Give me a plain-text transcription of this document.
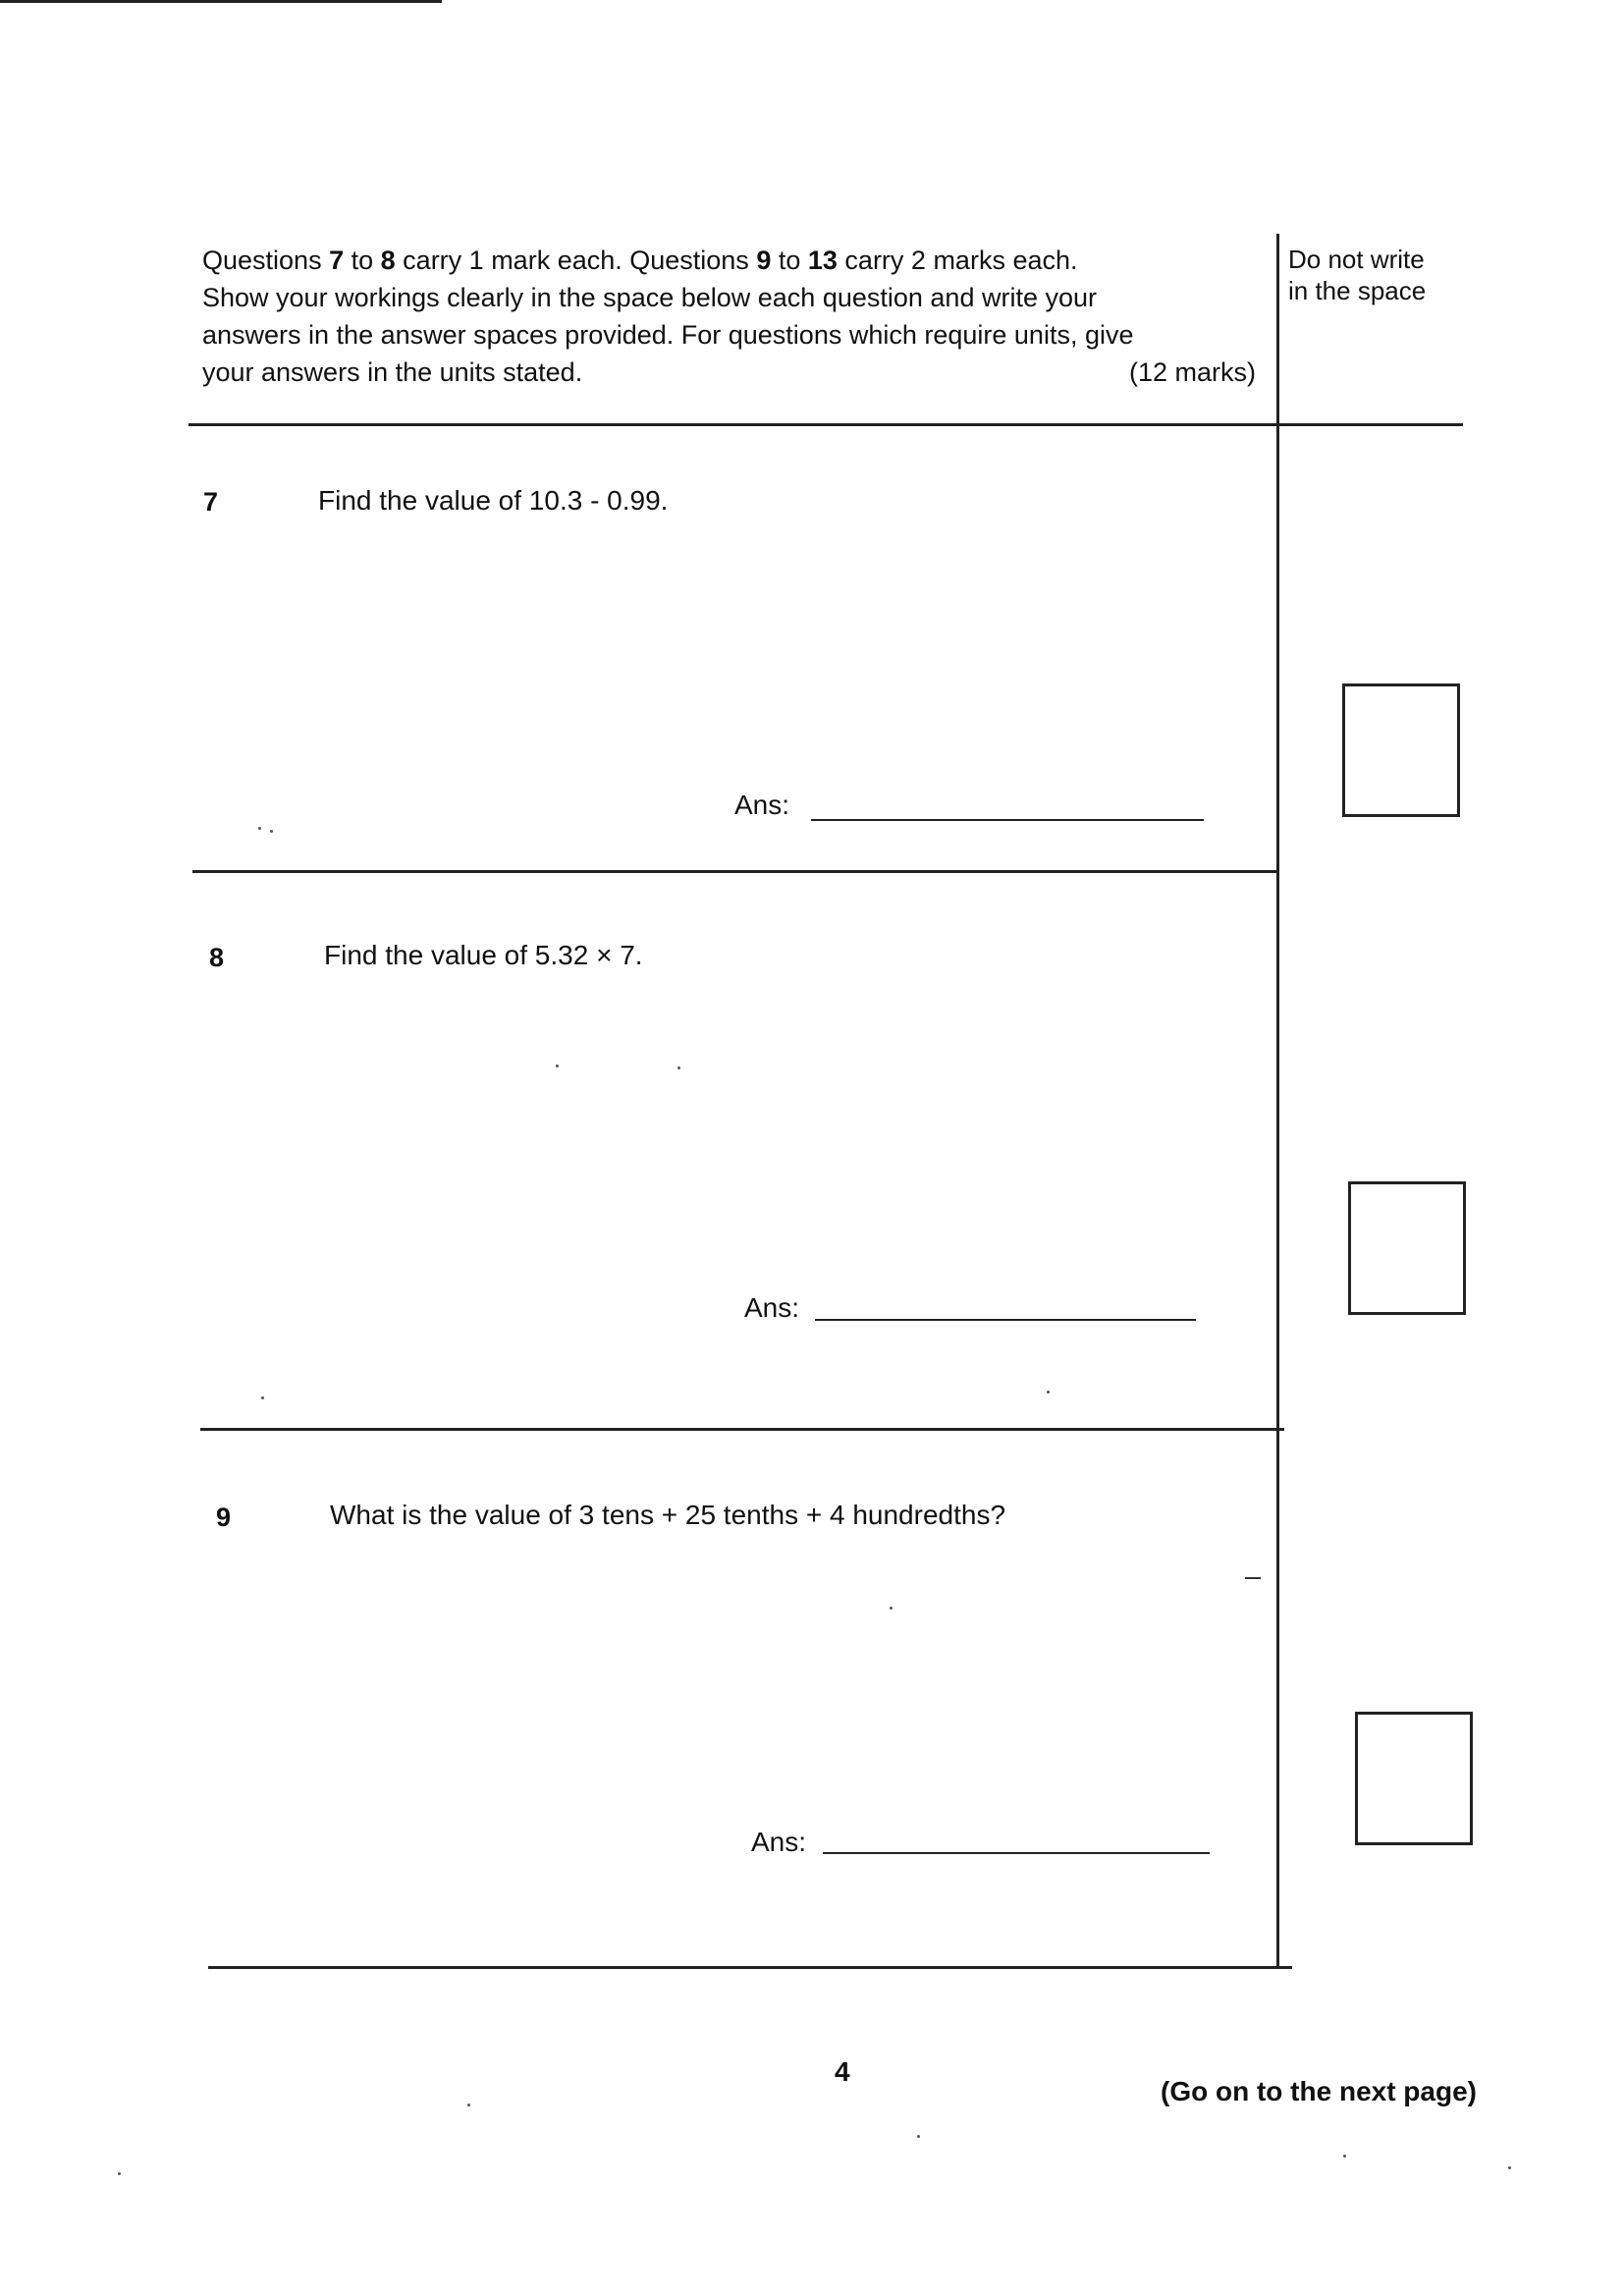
Questions 7 to 8 carry 1 mark each. Questions 9 to 13 carry 2 marks each.

Show your workings clearly in the space below each question and write your

answers in the answer spaces provided. For questions which require units, give

your answers in the units stated.	(12 marks)
Do not write
in the space
7	Find the value of 10.3 - 0.99.
Ans:
8	Find the value of 5.32 × 7.
Ans:
9	What is the value of 3 tens + 25 tenths + 4 hundredths?
Ans:
4
(Go on to the next page)
